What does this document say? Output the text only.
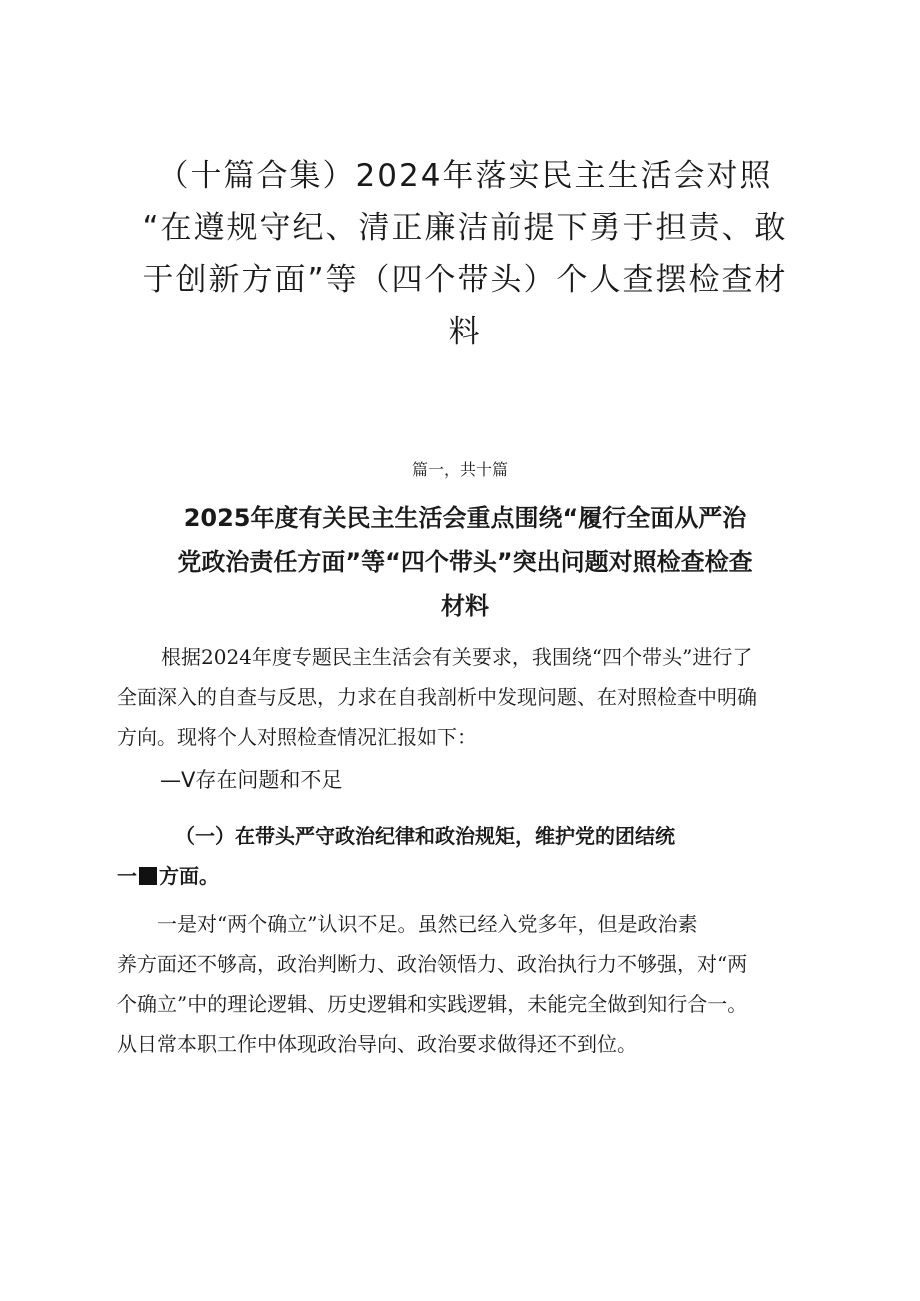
（十篇合集）2024年落实民主生活会对照
“在遵规守纪、清正廉洁前提下勇于担责、敢
于创新方面”等（四个带头）个人查摆检查材
料

篇一，共十篇

2025年度有关民主生活会重点围绕“履行全面从严治
党政治责任方面”等“四个带头”突出问题对照检查检查
材料

根据2024年度专题民主生活会有关要求，我围绕“四个带头”进行了
全面深入的自查与反思，力求在自我剖析中发现问题、在对照检查中明确
方向。现将个人对照检查情况汇报如下：

—V存在问题和不足

（一）在带头严守政治纪律和政治规矩，维护党的团结统
一 方面。

一是对“两个确立”认识不足。虽然已经入党多年，但是政治素
养方面还不够高，政治判断力、政治领悟力、政治执行力不够强，对“两
个确立”中的理论逻辑、历史逻辑和实践逻辑，未能完全做到知行合一。
从日常本职工作中体现政治导向、政治要求做得还不到位。
